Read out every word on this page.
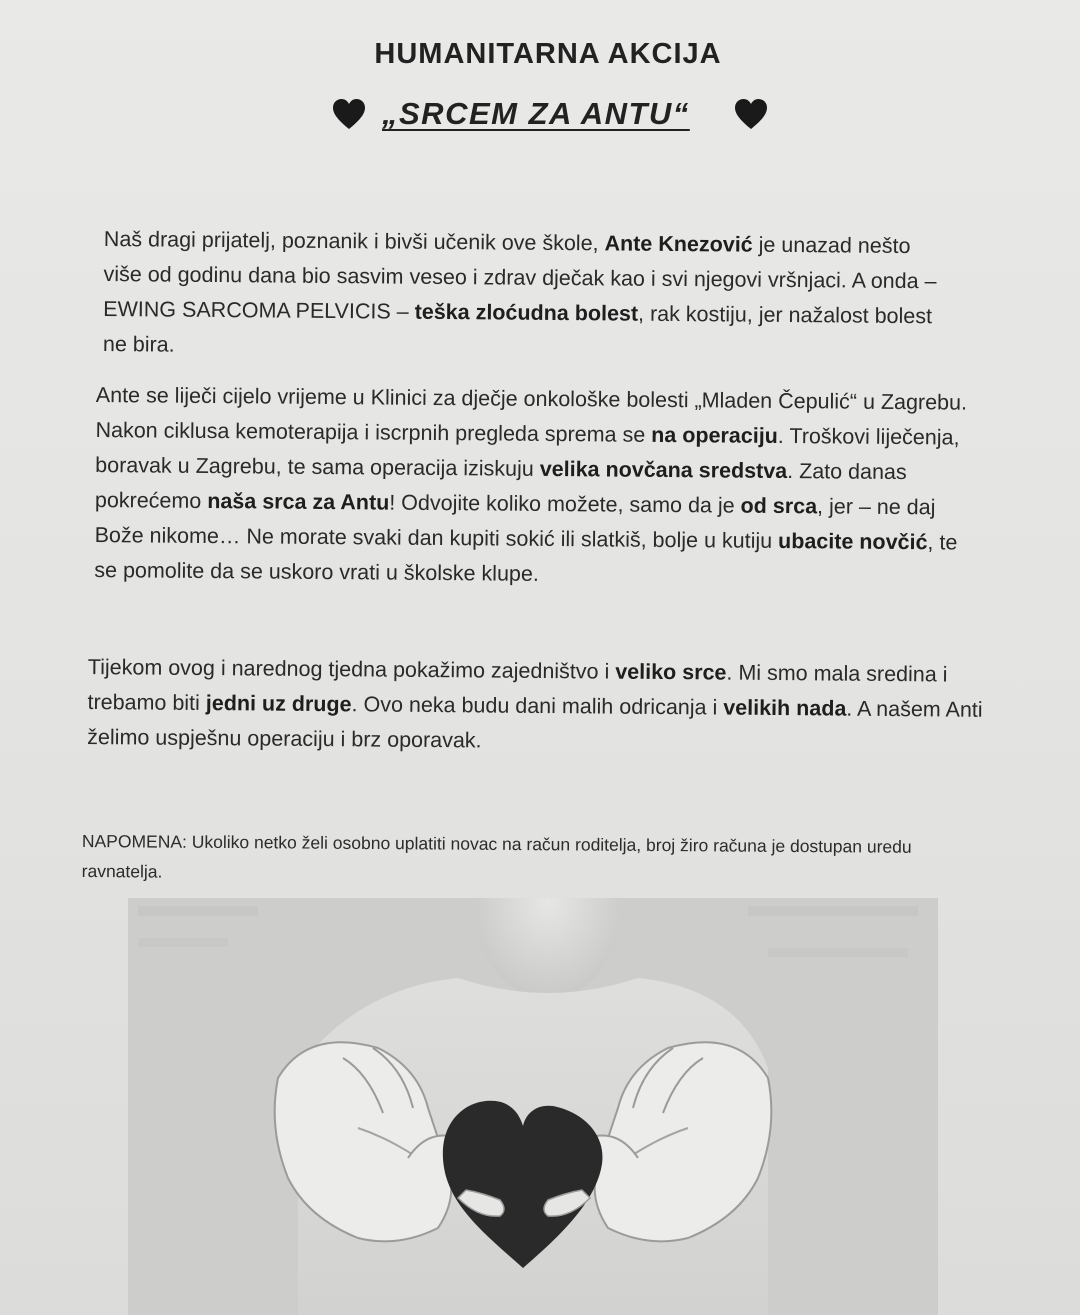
HUMANITARNA AKCIJA
„SRCEM ZA ANTU“
Naš dragi prijatelj, poznanik i bivši učenik ove škole, Ante Knezović je unazad nešto više od godinu dana bio sasvim veseo i zdrav dječak kao i svi njegovi vršnjaci. A onda – EWING SARCOMA PELVICIS – teška zloćudna bolest, rak kostiju, jer nažalost bolest ne bira.
Ante se liječi cijelo vrijeme u Klinici za dječje onkološke bolesti „Mladen Čepulić“ u Zagrebu. Nakon ciklusa kemoterapija i iscrpnih pregleda sprema se na operaciju. Troškovi liječenja, boravak u Zagrebu, te sama operacija iziskuju velika novčana sredstva. Zato danas pokrećemo naša srca za Antu! Odvojite koliko možete, samo da je od srca, jer – ne daj Bože nikome… Ne morate svaki dan kupiti sokić ili slatkiš, bolje u kutiju ubacite novčić, te se pomolite da se uskoro vrati u školske klupe.
Tijekom ovog i narednog tjedna pokažimo zajedništvo i veliko srce. Mi smo mala sredina i trebamo biti jedni uz druge. Ovo neka budu dani malih odricanja i velikih nada. A našem Anti želimo uspješnu operaciju i brz oporavak.
NAPOMENA: Ukoliko netko želi osobno uplatiti novac na račun roditelja, broj žiro računa je dostupan uredu ravnatelja.
